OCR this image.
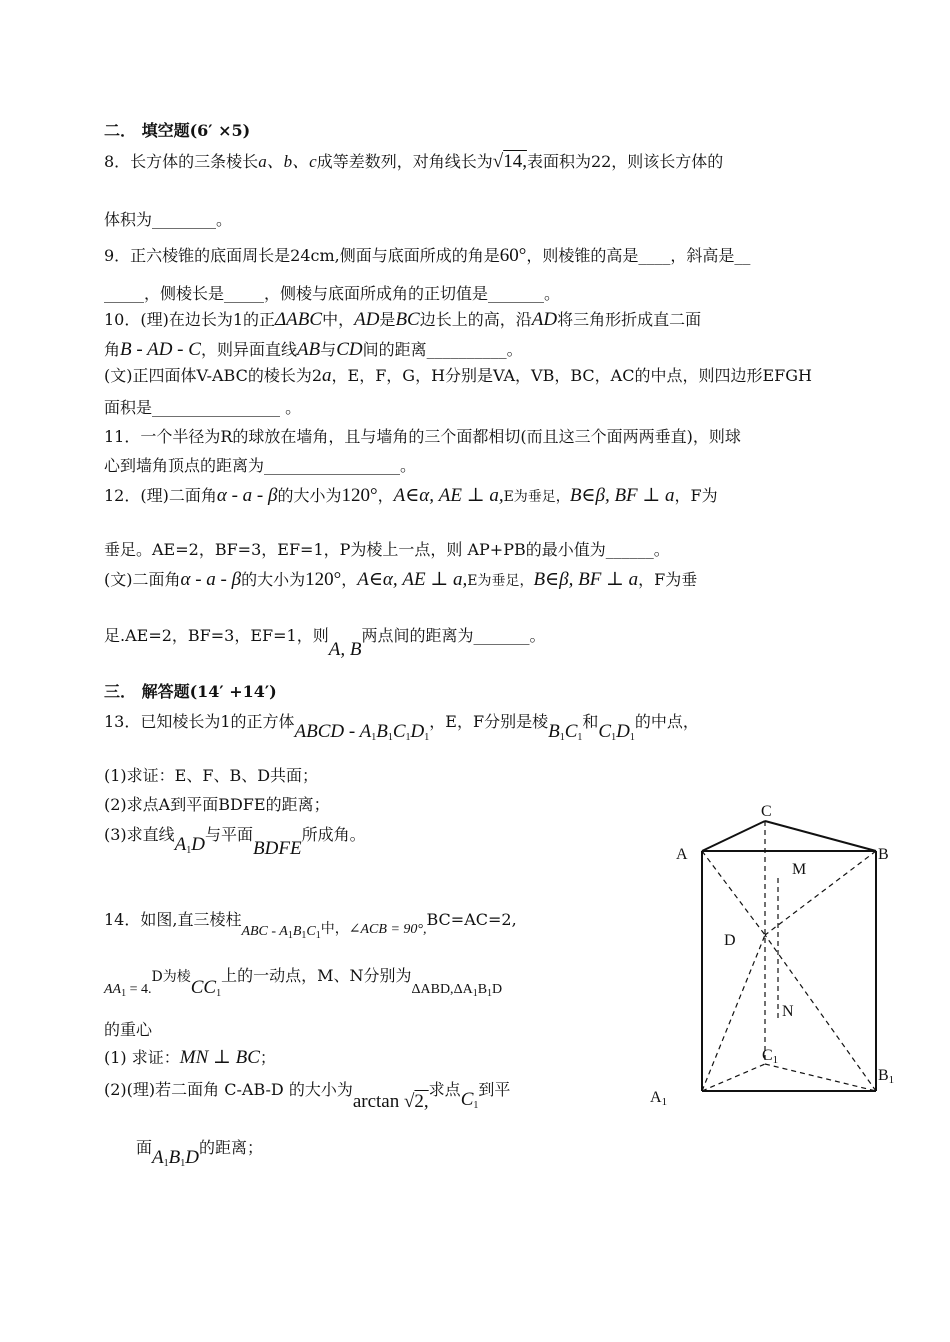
二． 填空题(6′ ×5)
8．长方体的三条棱长a、b、c成等差数列，对角线长为√14,表面积为22，则该长方体的
体积为________。
9．正六棱锥的底面周长是24cm,侧面与底面所成的角是60°，则棱锥的高是____，斜高是__
_____，侧棱长是_____，侧棱与底面所成角的正切值是_______。
10．(理)在边长为1的正ΔABC中，AD是BC边长上的高，沿AD将三角形折成直二面
角B - AD - C，则异面直线AB与CD间的距离__________。
(文)正四面体V-ABC的棱长为2a，E，F，G，H分别是VA，VB，BC，AC的中点，则四边形EFGH
面积是________________ 。
11．一个半径为R的球放在墙角，且与墙角的三个面都相切(而且这三个面两两垂直)，则球
心到墙角顶点的距离为_________________。
12．(理)二面角α - a - β的大小为120°，A∈α, AE ⊥ a,E为垂足，B∈β, BF ⊥ a，F为
垂足。AE=2，BF=3，EF=1，P为棱上一点，则 AP+PB的最小值为______。
(文)二面角α - a - β的大小为120°，A∈α, AE ⊥ a,E为垂足，B∈β, BF ⊥ a，F为垂
足.AE=2，BF=3，EF=1，则A, B两点间的距离为_______。
三． 解答题(14′ +14′)
13．已知棱长为1的正方体ABCD - $A_1B_1C_1D_1$，E，F分别是棱$B_1C_1$和$C_1D_1$的中点，
(1)求证：E、F、B、D共面；
(2)求点A到平面BDFE的距离；
(3)求直线$A_1D$与平面BDFE所成角。
14．如图,直三棱柱ABC - $A_1B_1C_1$中，∠ACB = 90°,BC=AC=2,
$AA_1 = 4.D$为棱$CC_1$上的一动点，M、N分别为$\Delta ABD,\Delta A_1B_1D$
的重心
(1) 求证：MN ⊥ BC；
(2)(理)若二面角 C-AB-D 的大小为arctan √2,求点$C_1$到平
面$A_1B_1D$的距离；
C
A	B
M
D
N
C1
A1
B1
